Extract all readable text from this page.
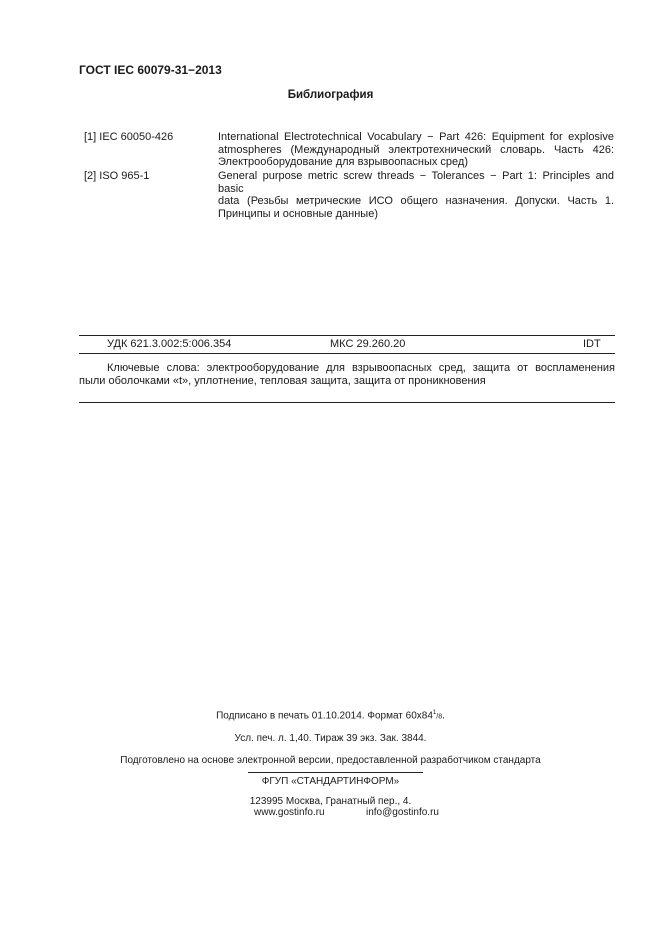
ГОСТ IEC 60079-31−2013
Библиография
[1] IEC 60050-426	International Electrotechnical Vocabulary − Part 426: Equipment for explosive
atmospheres (Международный электротехнический словарь. Часть 426:
Электрооборудование для взрывоопасных сред)
[2] ISO 965-1	General purpose metric screw threads − Tolerances − Part 1: Principles and basic
data (Резьбы метрические ИСО общего назначения. Допуски. Часть 1.
Принципы и основные данные)
УДК 621.3.002:5:006.354	МКС 29.260.20	IDT
Ключевые слова: электрооборудование для взрывоопасных сред, защита от воспламенения
пыли оболочками «t», уплотнение, тепловая защита, защита от проникновения
Подписано в печать 01.10.2014. Формат $60х84^1/8$.
Усл. печ. л. 1,40. Тираж 39 экз. Зак. 3844.
Подготовлено на основе электронной версии, предоставленной разработчиком стандарта
ФГУП «СТАНДАРТИНФОРМ»
123995 Москва, Гранатный пер., 4.
www.gostinfo.ru	info@gostinfo.ru
